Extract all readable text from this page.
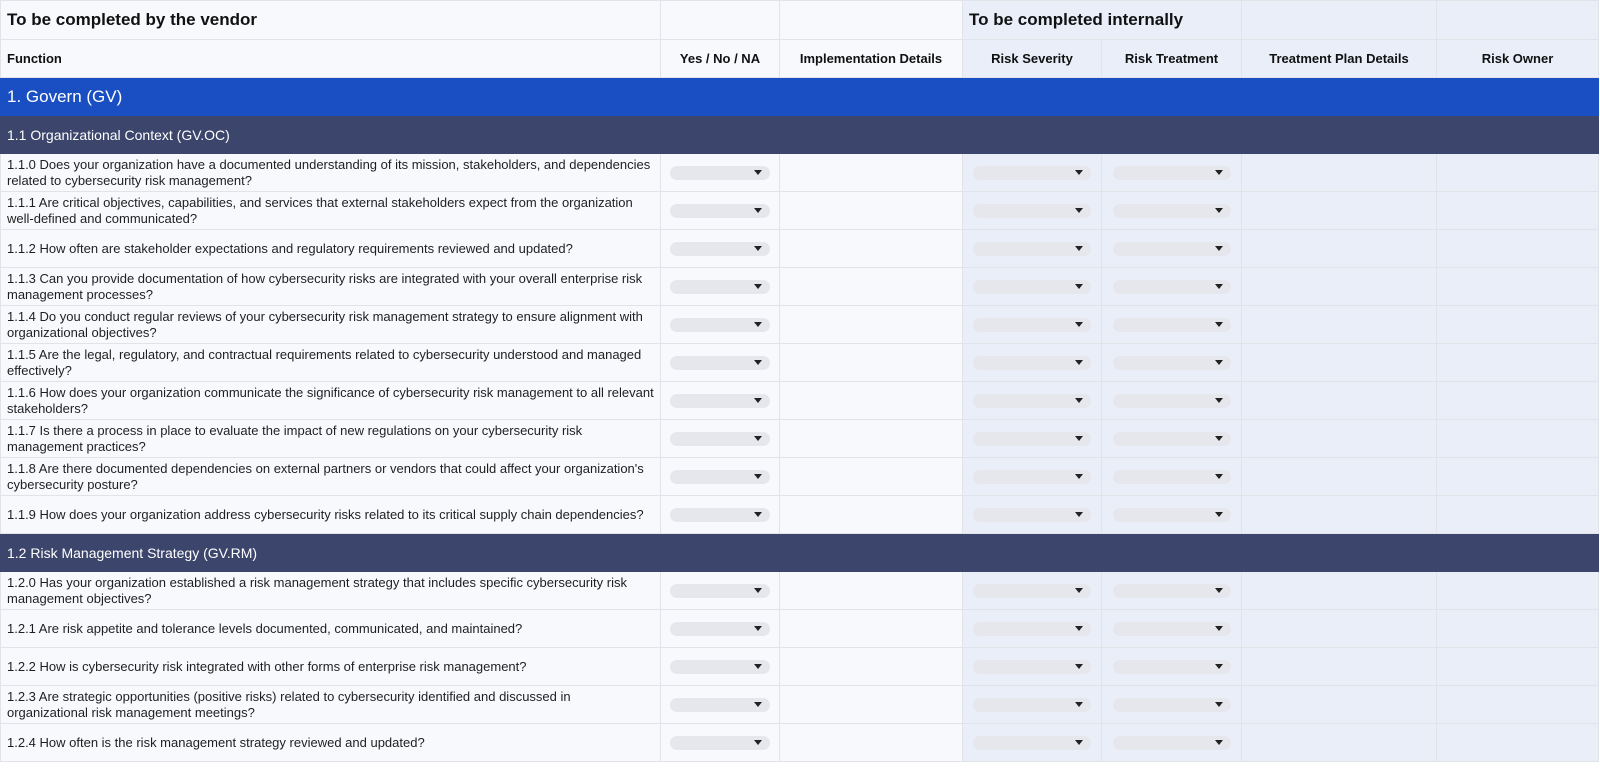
To be completed by the vendor			To be completed internally			
Function	Yes / No / NA	Implementation Details	Risk Severity	Risk Treatment	Treatment Plan Details	Risk Owner
1. Govern (GV)						
1.1 Organizational Context (GV.OC)						

1.1.0 Does your organization have a documented understanding of its mission, stakeholders, and dependencies related to cybersecurity risk management?						

1.1.1 Are critical objectives, capabilities, and services that external stakeholders expect from the organization well-defined and communicated?						

1.1.2 How often are stakeholder expectations and regulatory requirements reviewed and updated?						

1.1.3 Can you provide documentation of how cybersecurity risks are integrated with your overall enterprise risk management processes?						

1.1.4 Do you conduct regular reviews of your cybersecurity risk management strategy to ensure alignment with organizational objectives?						

1.1.5 Are the legal, regulatory, and contractual requirements related to cybersecurity understood and managed effectively?						

1.1.6 How does your organization communicate the significance of cybersecurity risk management to all relevant stakeholders?						

1.1.7 Is there a process in place to evaluate the impact of new regulations on your cybersecurity risk management practices?						

1.1.8 Are there documented dependencies on external partners or vendors that could affect your organization's cybersecurity posture?						

1.1.9 How does your organization address cybersecurity risks related to its critical supply chain dependencies?						

1.2 Risk Management Strategy (GV.RM)						

1.2.0 Has your organization established a risk management strategy that includes specific cybersecurity risk management objectives?						

1.2.1 Are risk appetite and tolerance levels documented, communicated, and maintained?						

1.2.2 How is cybersecurity risk integrated with other forms of enterprise risk management?						

1.2.3 Are strategic opportunities (positive risks) related to cybersecurity identified and discussed in organizational risk management meetings?						

1.2.4 How often is the risk management strategy reviewed and updated?						
